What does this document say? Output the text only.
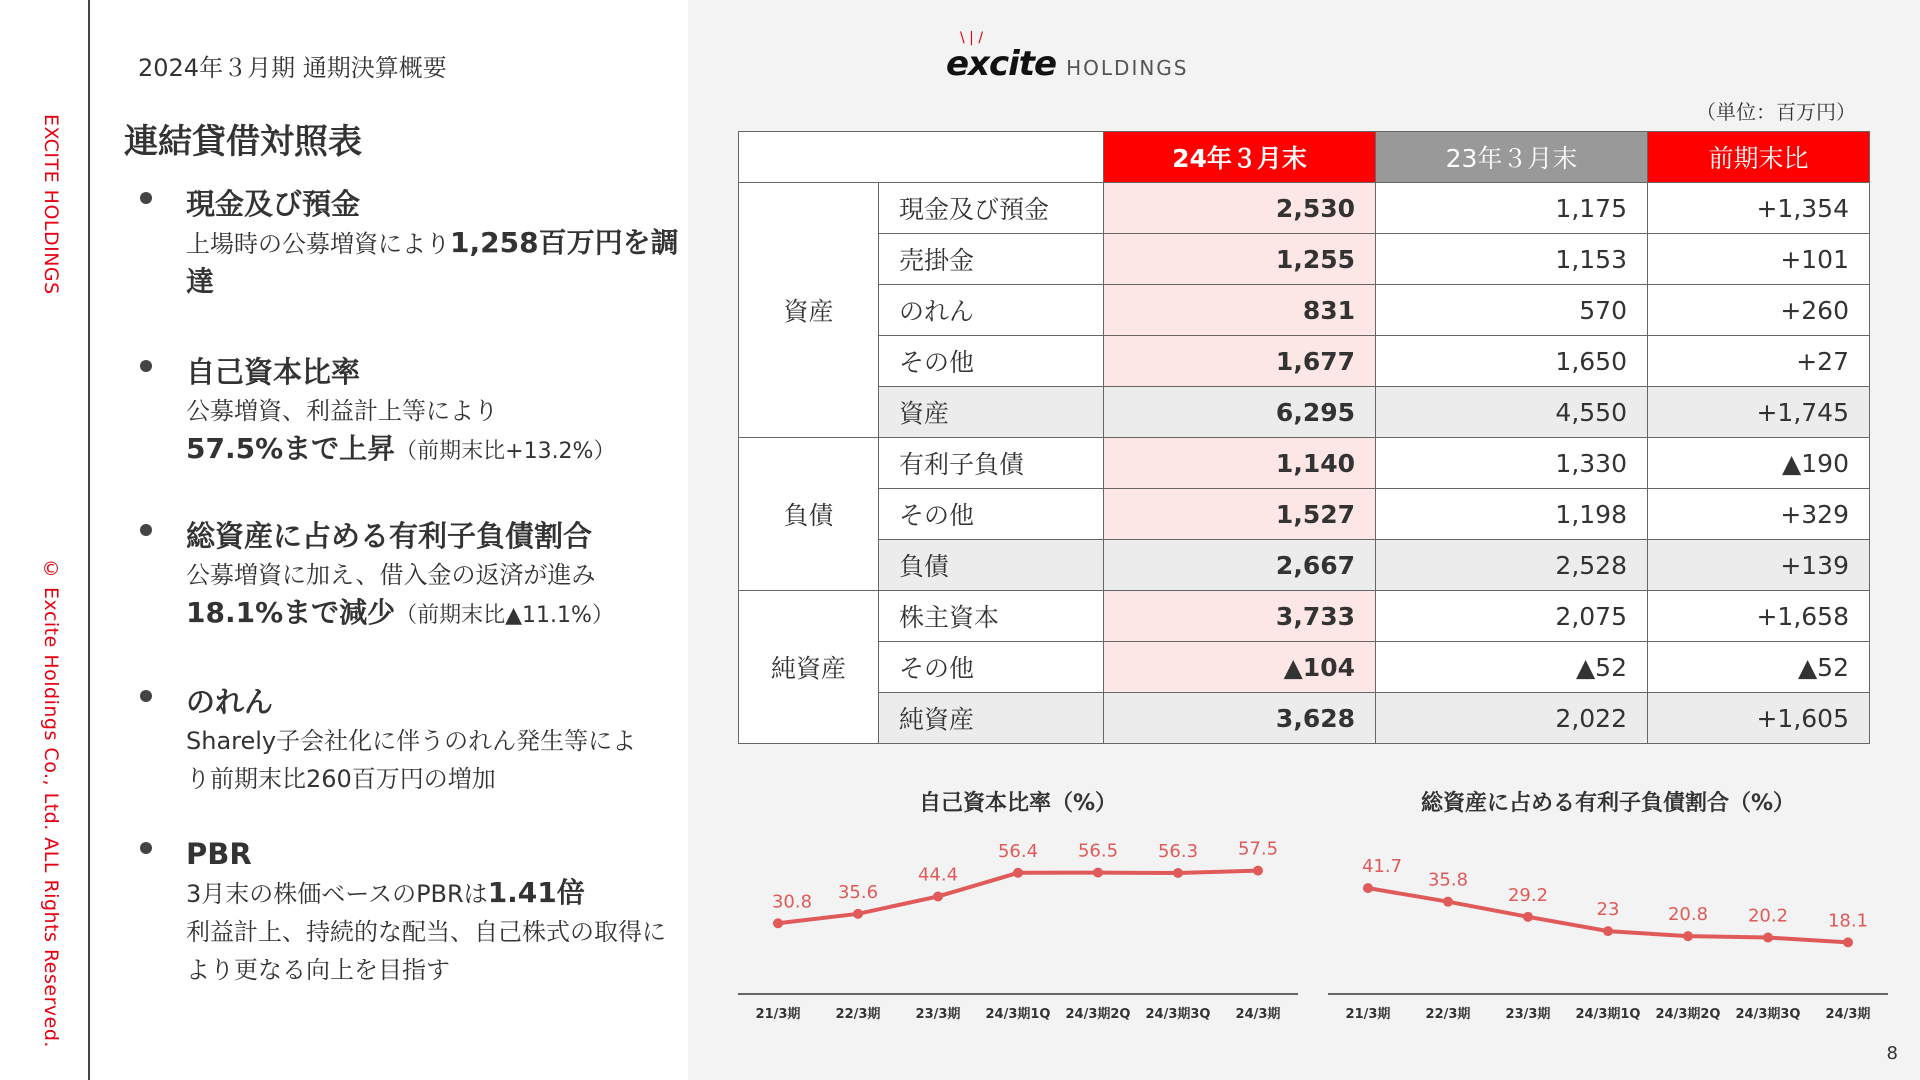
EXCITE HOLDINGS
© Excite Holdings Co., Ltd. ALL Rights Reserved.
2024年３月期 通期決算概要
連結貸借対照表
現金及び預金
上場時の公募増資により1,258百万円を調達
自己資本比率
公募増資、利益計上等により
57.5%まで上昇（前期末比+13.2%）
総資産に占める有利子負債割合
公募増資に加え、借入金の返済が進み
18.1%まで減少（前期末比▲11.1%）
のれん
Sharely子会社化に伴うのれん発生等により前期末比260百万円の増加
PBR
3月末の株価ベースのPBRは1.41倍
利益計上、持続的な配当、自己株式の取得により更なる向上を目指す
\ | /
excite HOLDINGS
（単位：百万円）
		24年３月末	23年３月末	前期末比
資産	現金及び預金	2,530	1,175	+1,354
	売掛金	1,255	1,153	+101
	のれん	831	570	+260
	その他	1,677	1,650	+27
	資産	6,295	4,550	+1,745
負債	有利子負債	1,140	1,330	▲190
	その他	1,527	1,198	+329
	負債	2,667	2,528	+139
純資産	株主資本	3,733	2,075	+1,658
	その他	▲104	▲52	▲52
	純資産	3,628	2,022	+1,605
自己資本比率（%）
30.8
21/3期
35.6
22/3期
44.4
23/3期
56.4
24/3期1Q
56.5
24/3期2Q
56.3
24/3期3Q
57.5
24/3期
総資産に占める有利子負債割合（%）
41.7
21/3期
35.8
22/3期
29.2
23/3期
23
24/3期1Q
20.8
24/3期2Q
20.2
24/3期3Q
18.1
24/3期
8
